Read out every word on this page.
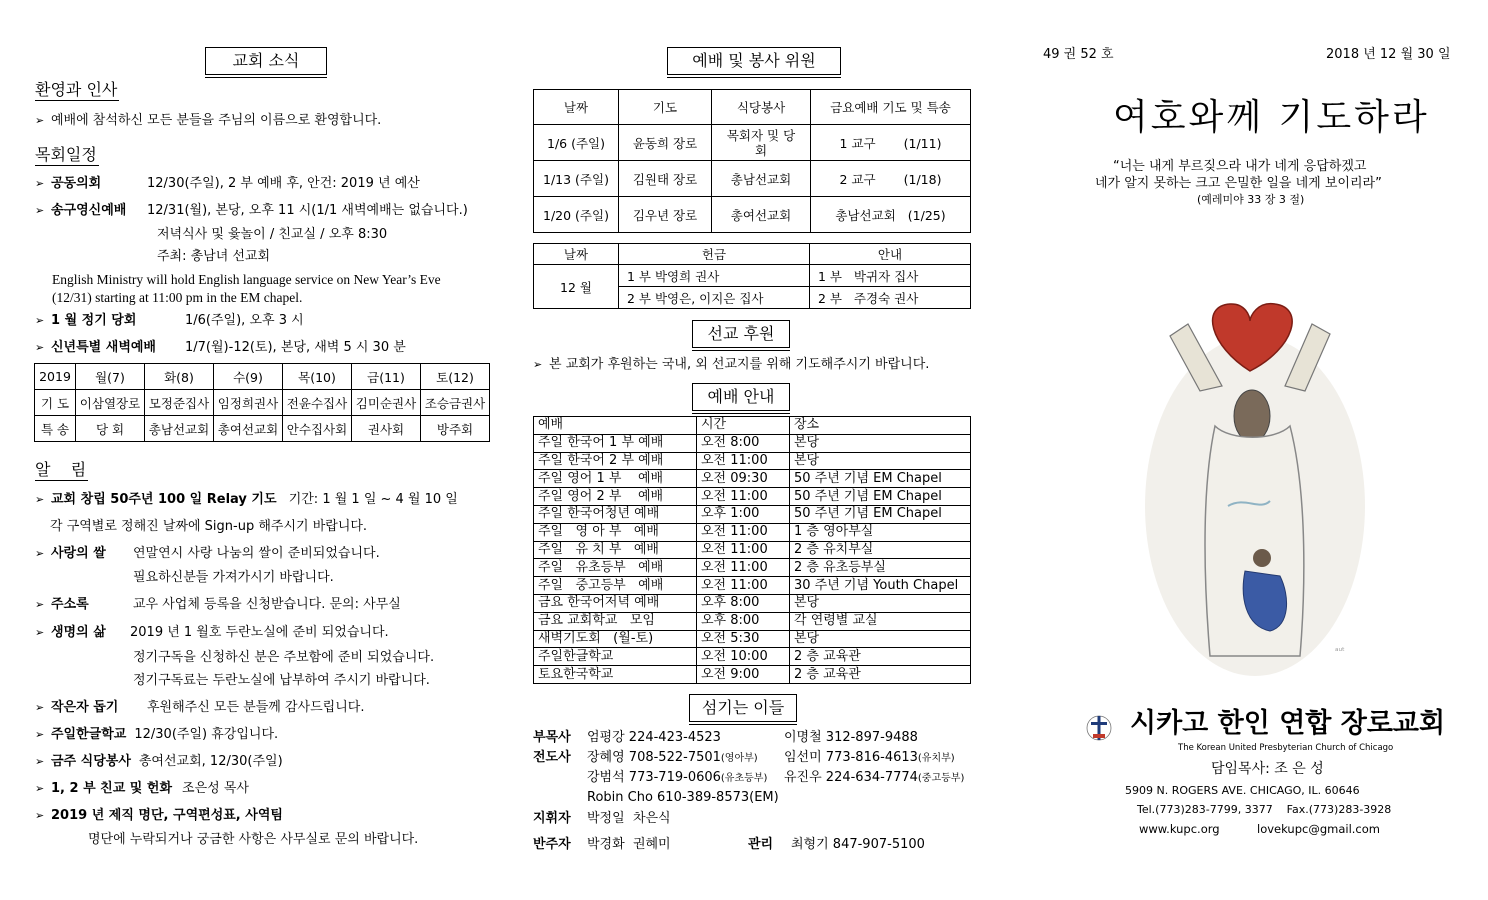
교회 소식
환영과 인사
➢ 예배에 참석하신 모든 분들을 주님의 이름으로 환영합니다.
목회일정
➢ 공동의회	12/30(주일), 2 부 예배 후, 안건: 2019 년 예산
➢ 송구영신예배 12/31(월), 본당, 오후 11 시(1/1 새벽예배는 없습니다.)
저녁식사 및 윷놀이 / 친교실 / 오후 8:30
주최: 총남녀 선교회
English Ministry will hold English language service on New Year’s Eve
(12/31) starting at 11:00 pm in the EM chapel.
➢ 1 월 정기 당회	1/6(주일), 오후 3 시
➢ 신년특별 새벽예배 1/7(월)-12(토), 본당, 새벽 5 시 30 분
2019	월(7)	화(8)	수(9)	목(10)	금(11)	토(12)
기 도	이삼열장로	모정준집사	임정희권사	전윤수집사	김미순권사	조승금권사
특 송	당 회	총남선교회	총여선교회	안수집사회	권사회	방주회
알    림
➢ 교회 창립 50주년 100 일 Relay 기도 기간: 1 월 1 일 ~ 4 월 10 일
각 구역별로 정해진 날짜에 Sign-up 해주시기 바랍니다.
➢ 사랑의 쌀 연말연시 사랑 나눔의 쌀이 준비되었습니다.
필요하신분들 가져가시기 바랍니다.
➢ 주소록	교우 사업체 등록을 신청받습니다. 문의: 사무실
➢ 생명의 삶 2019 년 1 월호 두란노실에 준비 되었습니다.
정기구독을 신청하신 분은 주보함에 준비 되었습니다.
정기구독료는 두란노실에 납부하여 주시기 바랍니다.
➢ 작은자 돕기 후원해주신 모든 분들께 감사드립니다.
➢ 주일한글학교 12/30(주일) 휴강입니다.
➢ 금주 식당봉사 총여선교회, 12/30(주일)
➢ 1, 2 부 친교 및 헌화 조은성 목사
➢ 2019 년 제직 명단, 구역편성표, 사역팀
명단에 누락되거나 궁금한 사항은 사무실로 문의 바랍니다.
예배 및 봉사 위원
날짜	기도	식당봉사	금요예배 기도 및 특송
1/6 (주일)	윤동희 장로	목회자 및 당회	1 교구 (1/11)
1/13 (주일)	김원태 장로	총남선교회	2 교구 (1/18)
1/20 (주일)	김우년 장로	총여선교회	총남선교회 (1/25)
날짜	헌금	안내
12 월	1 부 박영희 권사	1 부   박귀자 집사
	2 부 박영은, 이지은 집사	2 부   주경숙 권사
선교 후원
➢ 본 교회가 후원하는 국내, 외 선교지를 위해 기도해주시기 바랍니다.
예배 안내
예배	시간	장소
주일 한국어 1 부 예배	오전 8:00	본당
주일 한국어 2 부 예배	오전 11:00	본당
주일 영어 1 부    예배	오전 09:30	50 주년 기념 EM Chapel
주일 영어 2 부    예배	오전 11:00	50 주년 기념 EM Chapel
주일 한국어청년 예배	오후 1:00	50 주년 기념 EM Chapel
주일   영 아 부   예배	오전 11:00	1 층 영아부실
주일   유 치 부   예배	오전 11:00	2 층 유치부실
주일   유초등부   예배	오전 11:00	2 층 유초등부실
주일   중고등부   예배	오전 11:00	30 주년 기념 Youth Chapel
금요 한국어저녁 예배	오후 8:00	본당
금요 교회학교   모임	오후 8:00	각 연령별 교실
새벽기도회   (월-토)	오전 5:30	본당
주일한글학교	오전 10:00	2 층 교육관
토요한국학교	오전 9:00	2 층 교육관
섬기는 이들
부목사 엄평강 224-423-4523	이명철 312-897-9488
전도사 장혜영 708-522-7501(영아부) 임선미 773-816-4613(유치부)
강범석 773-719-0606(유초등부) 유진우 224-634-7774(중고등부)
Robin Cho 610-389-8573(EM)
지휘자 박정일  차은식
반주자 박경화  권혜미	관리 최형기 847-907-5100
49 권 52 호	2018 년 12 월 30 일
여호와께 기도하라
“너는 내게 부르짖으라 내가 네게 응답하겠고
네가 알지 못하는 크고 은밀한 일을 네게 보이리라”
(예레미야 33 장 3 절)
ᵃᵘᵗ
시카고 한인 연합 장로교회
The Korean United Presbyterian Church of Chicago
담임목사: 조 은 성
5909 N. ROGERS AVE. CHICAGO, IL. 60646
Tel.(773)283-7799, 3377    Fax.(773)283-3928
www.kupc.org	lovekupc@gmail.com
